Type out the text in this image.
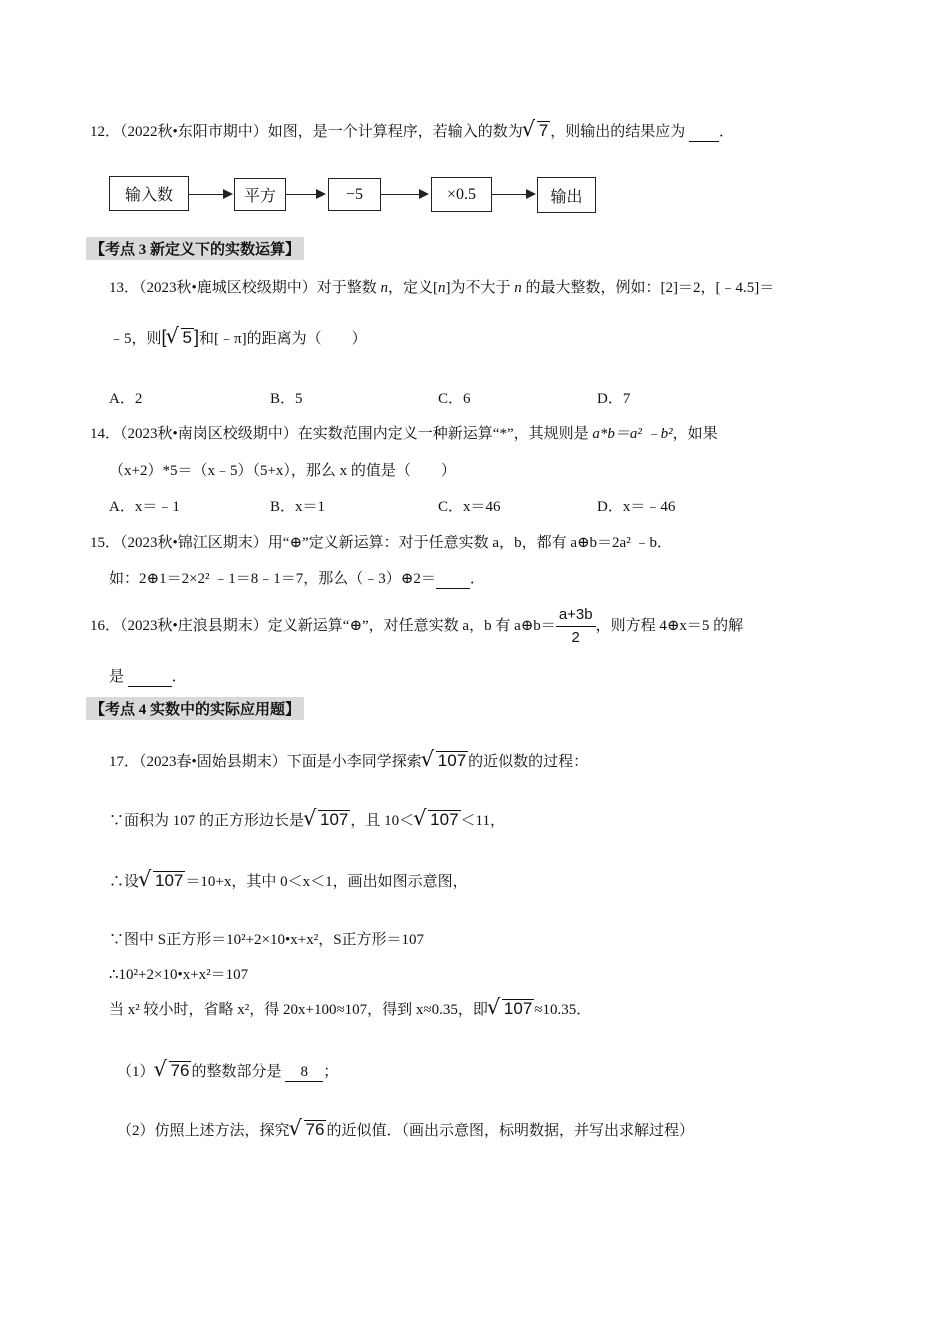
12．（2022秋•东阳市期中）如图，是一个计算程序，若输入的数为 √ 7 ，则输出的结果应为 ．
输入数	平方	−5	×0.5	输出
【考点 3 新定义下的实数运算】
13．（2023秋•鹿城区校级期中）对于整数 n，定义[n]为不大于 n 的最大整数，例如：[2]＝2，[﹣4.5]＝
﹣5，则[ √ 5 ]和[﹣π]的距离为（　　）
A．2	B．5	C．6	D．7
14．（2023秋•南岗区校级期中）在实数范围内定义一种新运算“*”，其规则是 a*b＝a² ﹣b²，如果
（x+2）*5＝（x﹣5）（5+x），那么 x 的值是（　　）
A．x＝﹣1	B．x＝1	C．x＝46	D．x＝﹣46
15．（2023秋•锦江区期末）用“⊕”定义新运算：对于任意实数 a，b，都有 a⊕b＝2a² ﹣b．
如：2⊕1＝2×2² ﹣1＝8﹣1＝7，那么（﹣3）⊕2＝ ．
16．（2023秋•庄浪县期末）定义新运算“⊕”，对任意实数 a，b 有 a⊕b＝ $\frac{a+3b}{2}$ ，则方程 4⊕x＝5 的解
是	．
【考点 4 实数中的实际应用题】
17．（2023春•固始县期末）下面是小李同学探索 √ 107 的近似数的过程：
∵面积为 107 的正方形边长是 √ 107 ，且 10＜ √ 107 ＜11，
∴设 √ 107 ＝10+x，其中 0＜x＜1，画出如图示意图，
∵图中 S正方形＝10²+2×10•x+x²，S正方形＝107
∴10²+2×10•x+x²＝107
当 x² 较小时，省略 x²，得 20x+100≈107，得到 x≈0.35，即 √ 107 ≈10.35．
（1） √ 76 的整数部分是 8 ；
（2）仿照上述方法，探究 √ 76 的近似值．（画出示意图，标明数据，并写出求解过程）
